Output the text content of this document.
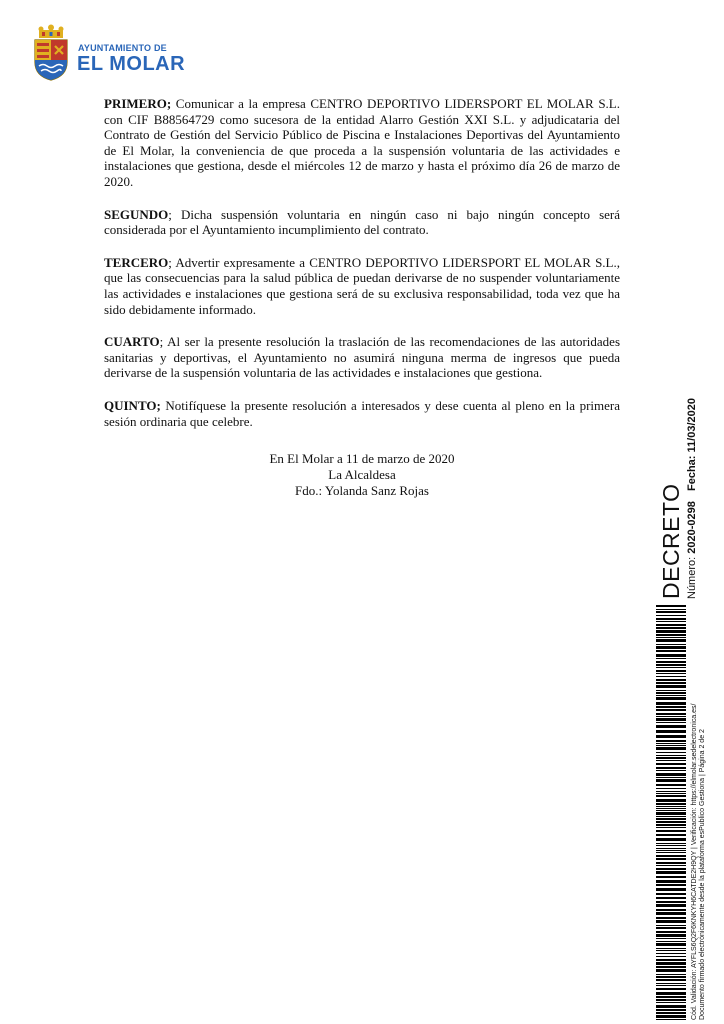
AYUNTAMIENTO DE
EL MOLAR

PRIMERO; Comunicar a la empresa CENTRO DEPORTIVO LIDERSPORT EL MOLAR S.L. con CIF B88564729 como sucesora de la entidad Alarro Gestión XXI S.L. y adjudicataria del Contrato de Gestión del Servicio Público de Piscina e Instalaciones Deportivas del Ayuntamiento de El Molar, la conveniencia de que proceda a la suspensión voluntaria de las actividades e instalaciones que gestiona, desde el miércoles 12 de marzo y hasta el próximo día 26 de marzo de 2020.

SEGUNDO; Dicha suspensión voluntaria en ningún caso ni bajo ningún concepto será considerada por el Ayuntamiento incumplimiento del contrato.

TERCERO; Advertir expresamente a CENTRO DEPORTIVO LIDERSPORT EL MOLAR S.L., que las consecuencias para la salud pública de puedan derivarse de no suspender voluntariamente las actividades e instalaciones que gestiona será de su exclusiva responsabilidad, toda vez que ha sido debidamente informado.

CUARTO; Al ser la presente resolución la traslación de las recomendaciones de las autoridades sanitarias y deportivas, el Ayuntamiento no asumirá ninguna merma de ingresos que pueda derivarse de la suspensión voluntaria de las actividades e instalaciones que gestiona.

QUINTO; Notifíquese la presente resolución a interesados y dese cuenta al pleno en la primera sesión ordinaria que celebre.

En El Molar a 11 de marzo de 2020
La Alcaldesa
Fdo.: Yolanda Sanz Rojas	DECRETO Número: 2020-0298
Fecha: 11/03/2020
Cód. Validación: AYFLS6Q2F6KNKYH6CATDE2H9QY | Verificación: https://elmolar.sedelectronica.es/ Documento firmado electrónicamente desde la plataforma esPublico Gestiona | Página 2 de 2
